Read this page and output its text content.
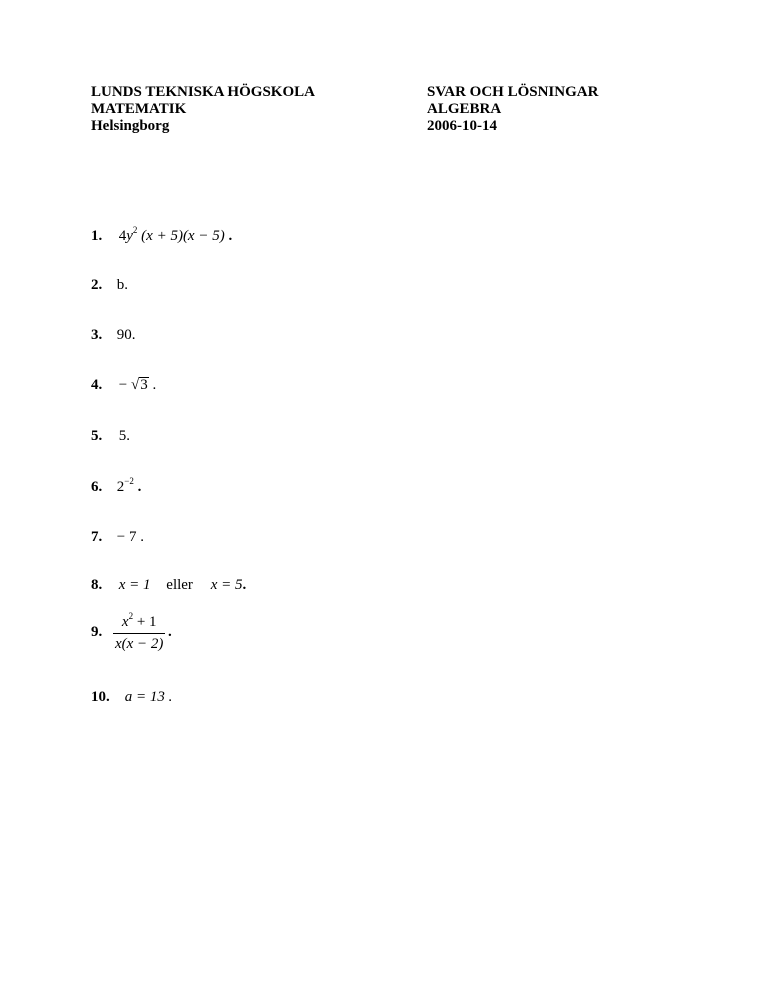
LUNDS TEKNISKA HÖGSKOLA
MATEMATIK
Helsingborg
SVAR OCH LÖSNINGAR
ALGEBRA
2006-10-14
1. $4y^2$ (x + 5)(x − 5) .
2. b.
3. 90.
4. − √3 .
5. 5.
6. $2^{-2}$ .
7. − 7 .
8. x = 1 eller x = 5.
9. $\frac{x^2 + 1}{x(x - 2)}$ .
10. a = 13 .
